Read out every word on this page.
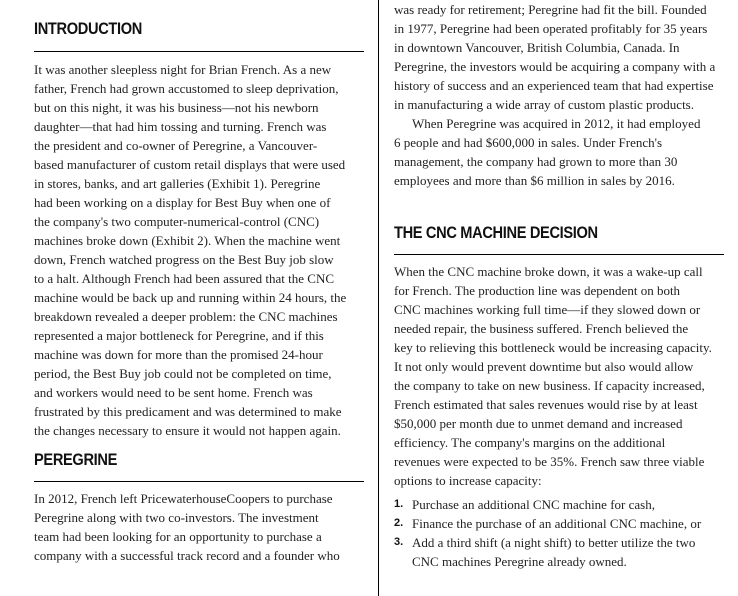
INTRODUCTION

It was another sleepless night for Brian French. As a new
father, French had grown accustomed to sleep deprivation,
but on this night, it was his business—not his newborn
daughter—that had him tossing and turning. French was
the president and co-owner of Peregrine, a Vancouver-
based manufacturer of custom retail displays that were used
in stores, banks, and art galleries (Exhibit 1). Peregrine
had been working on a display for Best Buy when one of
the company's two computer-numerical-control (CNC)
machines broke down (Exhibit 2). When the machine went
down, French watched progress on the Best Buy job slow
to a halt. Although French had been assured that the CNC
machine would be back up and running within 24 hours, the
breakdown revealed a deeper problem: the CNC machines
represented a major bottleneck for Peregrine, and if this
machine was down for more than the promised 24-hour
period, the Best Buy job could not be completed on time,
and workers would need to be sent home. French was
frustrated by this predicament and was determined to make
the changes necessary to ensure it would not happen again.

PEREGRINE

In 2012, French left PricewaterhouseCoopers to purchase
Peregrine along with two co-investors. The investment
team had been looking for an opportunity to purchase a
company with a successful track record and a founder who

was ready for retirement; Peregrine had fit the bill. Founded
in 1977, Peregrine had been operated profitably for 35 years
in downtown Vancouver, British Columbia, Canada. In
Peregrine, the investors would be acquiring a company with a
history of success and an experienced team that had expertise
in manufacturing a wide array of custom plastic products.
When Peregrine was acquired in 2012, it had employed
6 people and had $600,000 in sales. Under French's
management, the company had grown to more than 30
employees and more than $6 million in sales by 2016.

THE CNC MACHINE DECISION

When the CNC machine broke down, it was a wake-up call
for French. The production line was dependent on both
CNC machines working full time—if they slowed down or
needed repair, the business suffered. French believed the
key to relieving this bottleneck would be increasing capacity.
It not only would prevent downtime but also would allow
the company to take on new business. If capacity increased,
French estimated that sales revenues would rise by at least
$50,000 per month due to unmet demand and increased
efficiency. The company's margins on the additional
revenues were expected to be 35%. French saw three viable
options to increase capacity:

1. Purchase an additional CNC machine for cash,
2. Finance the purchase of an additional CNC machine, or
3. Add a third shift (a night shift) to better utilize the two
CNC machines Peregrine already owned.
